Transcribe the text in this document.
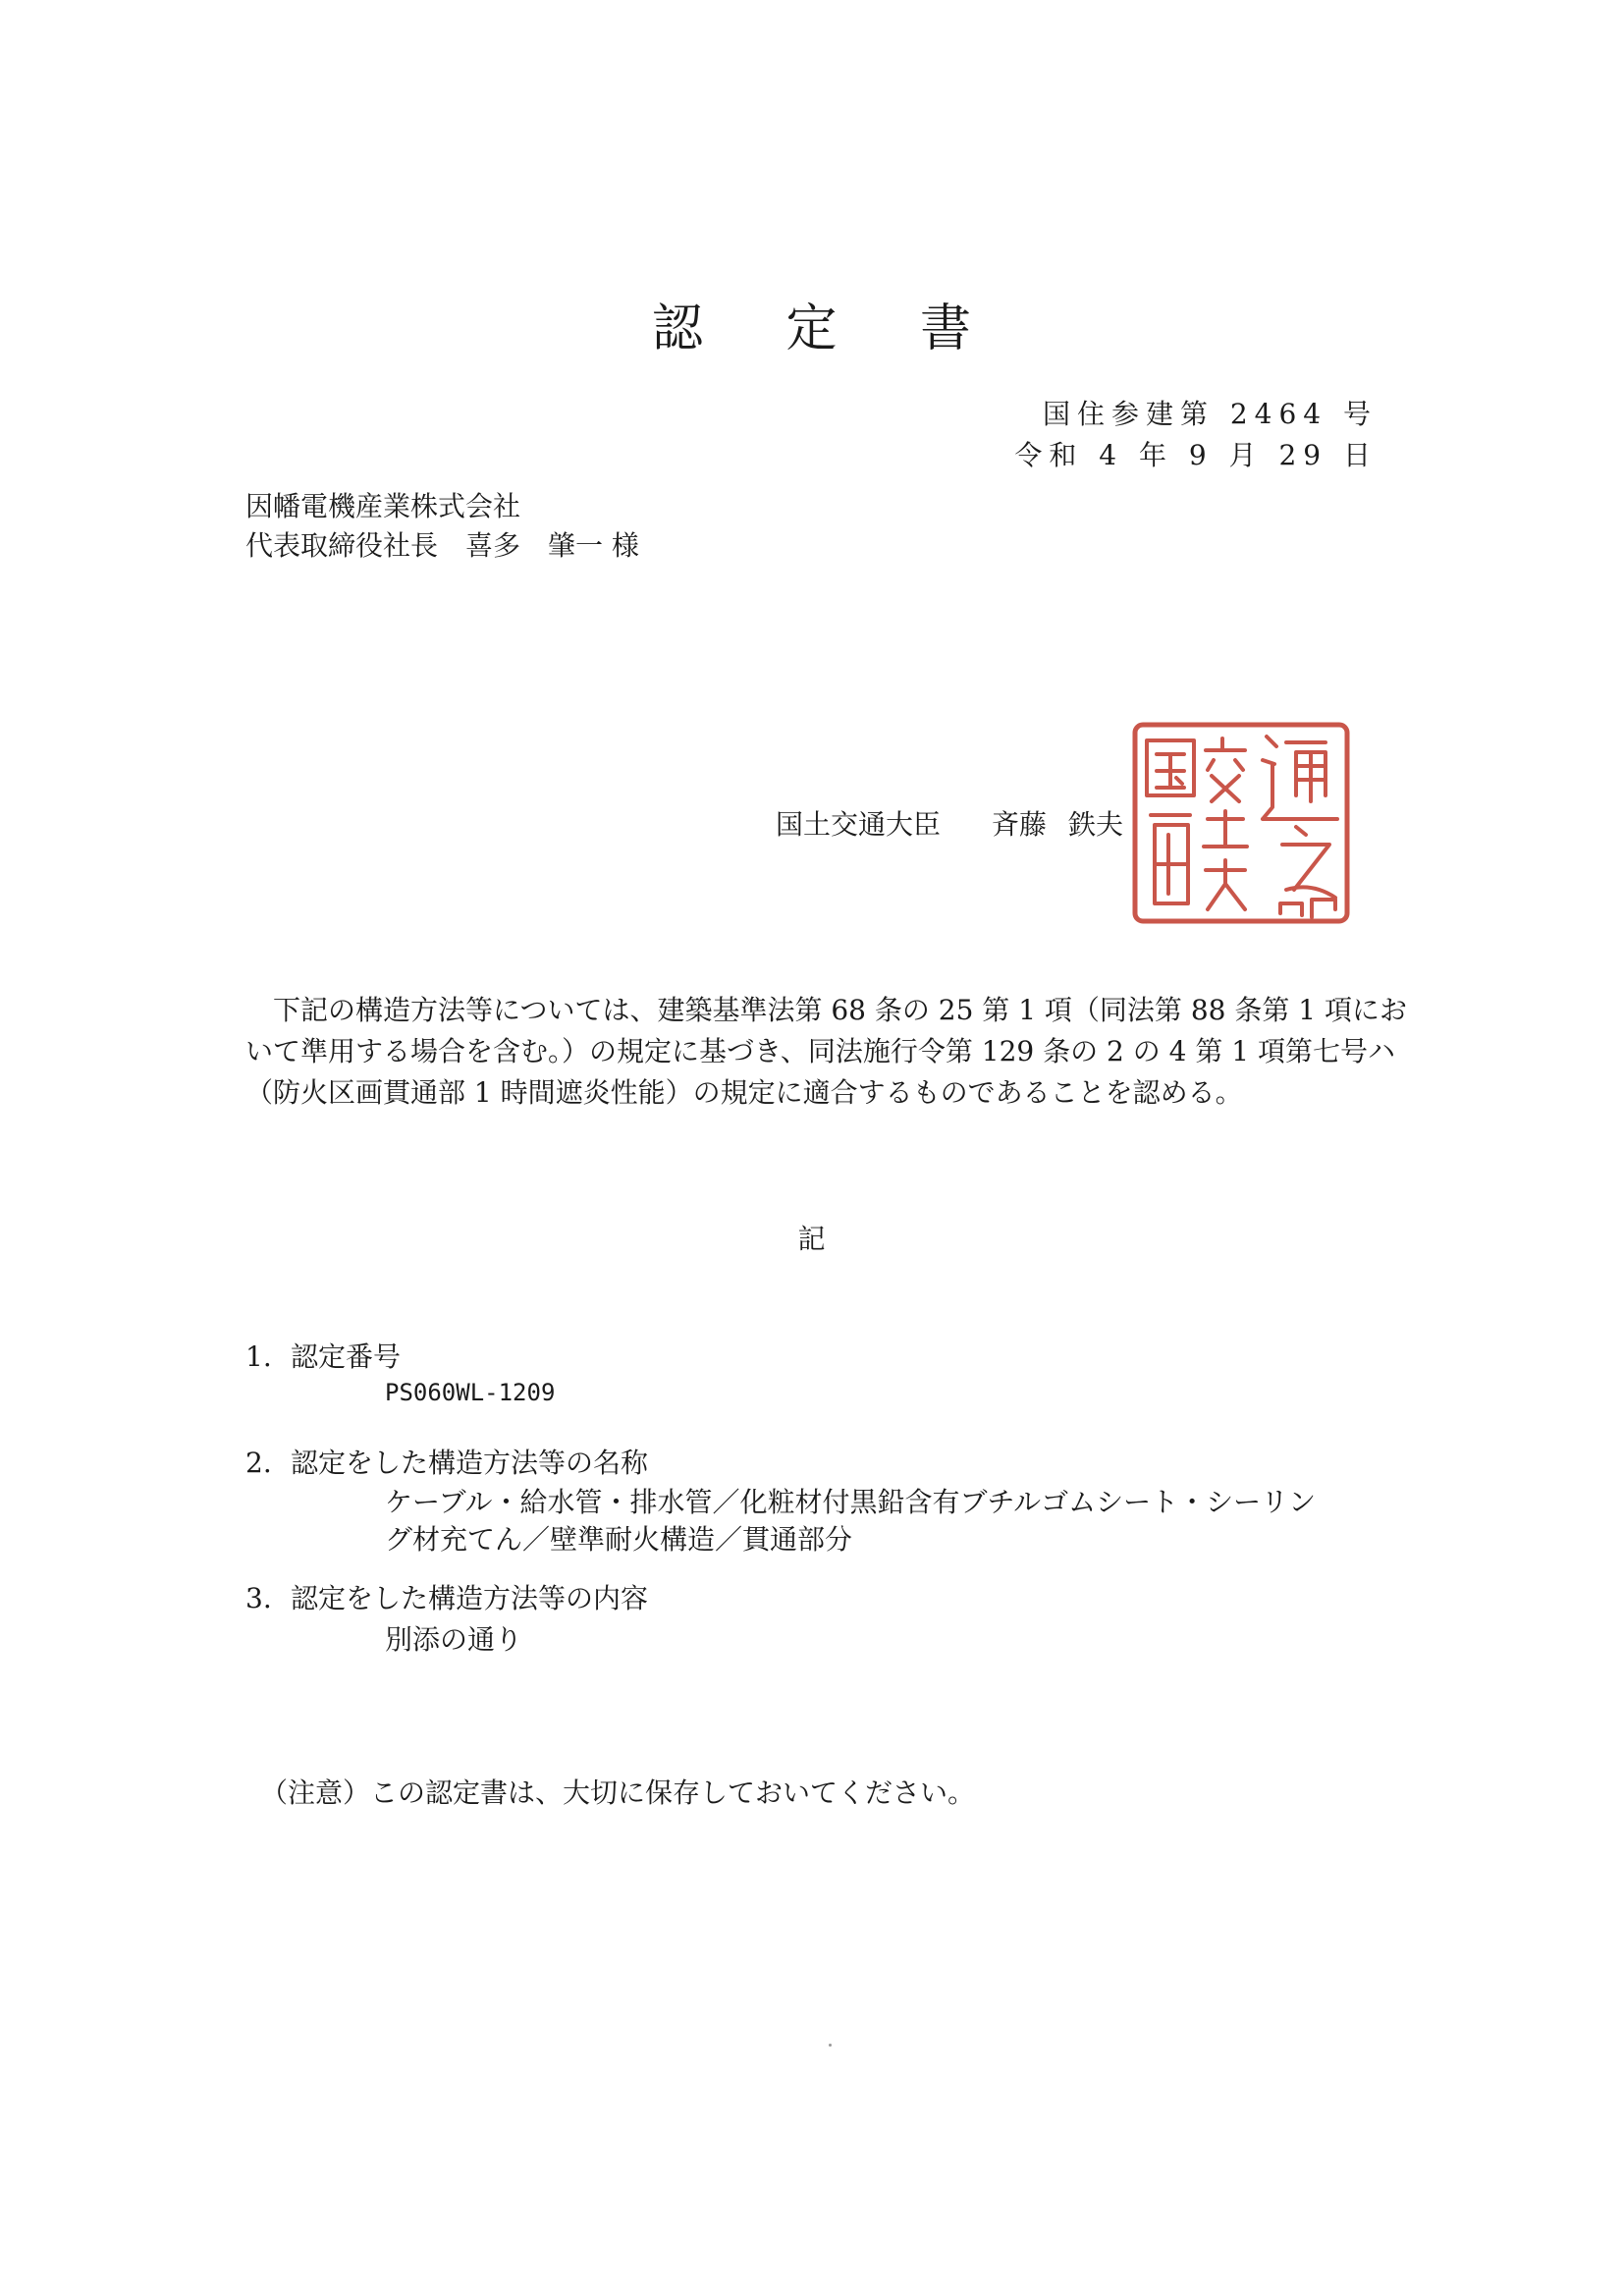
認 定 書
国住参建第 2464 号
令和 4 年 9 月 29 日
因幡電機産業株式会社
代表取締役社長　喜多　肇一 様
国土交通大臣 斉藤 鉄夫
　下記の構造方法等については、建築基準法第 68 条の 25 第 1 項（同法第 88 条第 1 項にお
いて準用する場合を含む。）の規定に基づき、同法施行令第 129 条の 2 の 4 第 1 項第七号ハ
（防火区画貫通部 1 時間遮炎性能）の規定に適合するものであることを認める。
記
1. 認定番号
PS060WL-1209
2. 認定をした構造方法等の名称
ケーブル・給水管・排水管／化粧材付黒鉛含有ブチルゴムシート・シーリン
グ材充てん／壁準耐火構造／貫通部分
3. 認定をした構造方法等の内容
別添の通り
（注意）この認定書は、大切に保存しておいてください。
